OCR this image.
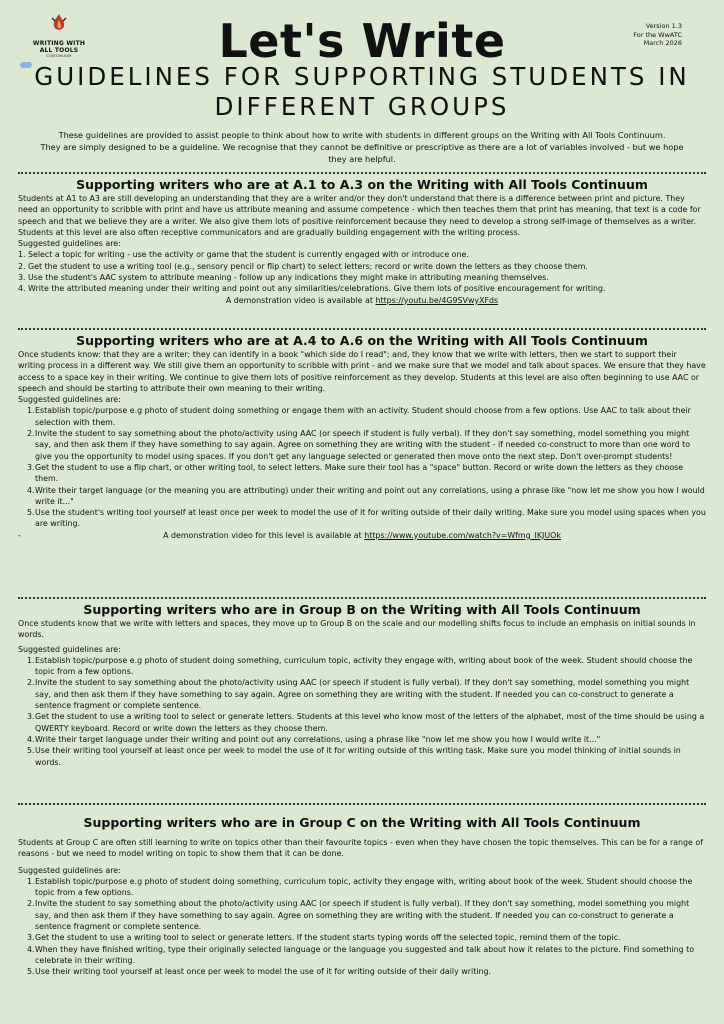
WRITING WITH
ALL TOOLS
CONTINUUM
Version 1.3
For the WwATC
March 2026
Let's Write
GUIDELINES FOR SUPPORTING STUDENTS IN
DIFFERENT GROUPS
These guidelines are provided to assist people to think about how to write with students in different groups on the Writing with All Tools Continuum.
They are simply designed to be a guideline. We recognise that they cannot be definitive or prescriptive as there are a lot of variables involved - but we hope they are helpful.
Supporting writers who are at A.1 to A.3 on the Writing with All Tools Continuum

Students at A1 to A3 are still developing an understanding that they are a writer and/or they don't understand that there is a difference between print and picture. They need an opportunity to scribble with print and have us attribute meaning and assume competence - which then teaches them that print has meaning, that text is a code for speech and that we believe they are a writer. We also give them lots of positive reinforcement because they need to develop a strong self-image of themselves as a writer. Students at this level are also often receptive communicators and are gradually building engagement with the writing process.

Suggested guidelines are:
1. Select a topic for writing - use the activity or game that the student is currently engaged with or introduce one.
2. Get the student to use a writing tool (e.g., sensory pencil or flip chart) to select letters; record or write down the letters as they choose them.
3. Use the student's AAC system to attribute meaning - follow up any indications they might make in attributing meaning themselves.
4. Write the attributed meaning under their writing and point out any similarities/celebrations. Give them lots of positive encouragement for writing.
A demonstration video is available at https://youtu.be/4G9SVwyXFds
Supporting writers who are at A.4 to A.6 on the Writing with All Tools Continuum

Once students know: that they are a writer; they can identify in a book "which side do I read"; and, they know that we write with letters, then we start to support their writing process in a different way. We still give them an opportunity to scribble with print - and we make sure that we model and talk about spaces. We ensure that they have access to a space key in their writing. We continue to give them lots of positive reinforcement as they develop. Students at this level are also often beginning to use AAC or speech and should be starting to attribute their own meaning to their writing.

Suggested guidelines are:
1. Establish topic/purpose e.g photo of student doing something or engage them with an activity. Student should choose from a few options. Use AAC to talk about their selection with them.
2. Invite the student to say something about the photo/activity using AAC (or speech if student is fully verbal). If they don't say something, model something you might say, and then ask them if they have something to say again. Agree on something they are writing with the student - if needed co-construct to more than one word to give you the opportunity to model using spaces. If you don't get any language selected or generated then move onto the next step. Don't over-prompt students!
3. Get the student to use a flip chart, or other writing tool, to select letters. Make sure their tool has a "space" button. Record or write down the letters as they choose them.
4. Write their target language (or the meaning you are attributing) under their writing and point out any correlations, using a phrase like "now let me show you how I would write it..."
5. Use the student's writing tool yourself at least once per week to model the use of it for writing outside of their daily writing. Make sure you model using spaces when you are writing.
-	A demonstration video for this level is available at https://www.youtube.com/watch?v=Wfmg_IKJUOk
Supporting writers who are in Group B on the Writing with All Tools Continuum

Once students know that we write with letters and spaces, they move up to Group B on the scale and our modelling shifts focus to include an emphasis on initial sounds in words.

Suggested guidelines are:
1. Establish topic/purpose e.g photo of student doing something, curriculum topic, activity they engage with, writing about book of the week. Student should choose the topic from a few options.
2. Invite the student to say something about the photo/activity using AAC (or speech if student is fully verbal). If they don't say something, model something you might say, and then ask them if they have something to say again. Agree on something they are writing with the student. If needed you can co-construct to generate a sentence fragment or complete sentence.
3. Get the student to use a writing tool to select or generate letters. Students at this level who know most of the letters of the alphabet, most of the time should be using a QWERTY keyboard. Record or write down the letters as they choose them.
4. Write their target language under their writing and point out any correlations, using a phrase like "now let me show you how I would write it..."
5. Use their writing tool yourself at least once per week to model the use of it for writing outside of this writing task. Make sure you model thinking of initial sounds in words.
Supporting writers who are in Group C on the Writing with All Tools Continuum

Students at Group C are often still learning to write on topics other than their favourite topics - even when they have chosen the topic themselves. This can be for a range of reasons - but we need to model writing on topic to show them that it can be done.

Suggested guidelines are:
1. Establish topic/purpose e.g photo of student doing something, curriculum topic, activity they engage with, writing about book of the week. Student should choose the topic from a few options.
2. Invite the student to say something about the photo/activity using AAC (or speech if student is fully verbal). If they don't say something, model something you might say, and then ask them if they have something to say again. Agree on something they are writing with the student. If needed you can co-construct to generate a sentence fragment or complete sentence.
3. Get the student to use a writing tool to select or generate letters. If the student starts typing words off the selected topic, remind them of the topic.
4. When they have finished writing, type their originally selected language or the language you suggested and talk about how it relates to the picture. Find something to celebrate in their writing.
5. Use their writing tool yourself at least once per week to model the use of it for writing outside of their daily writing.
